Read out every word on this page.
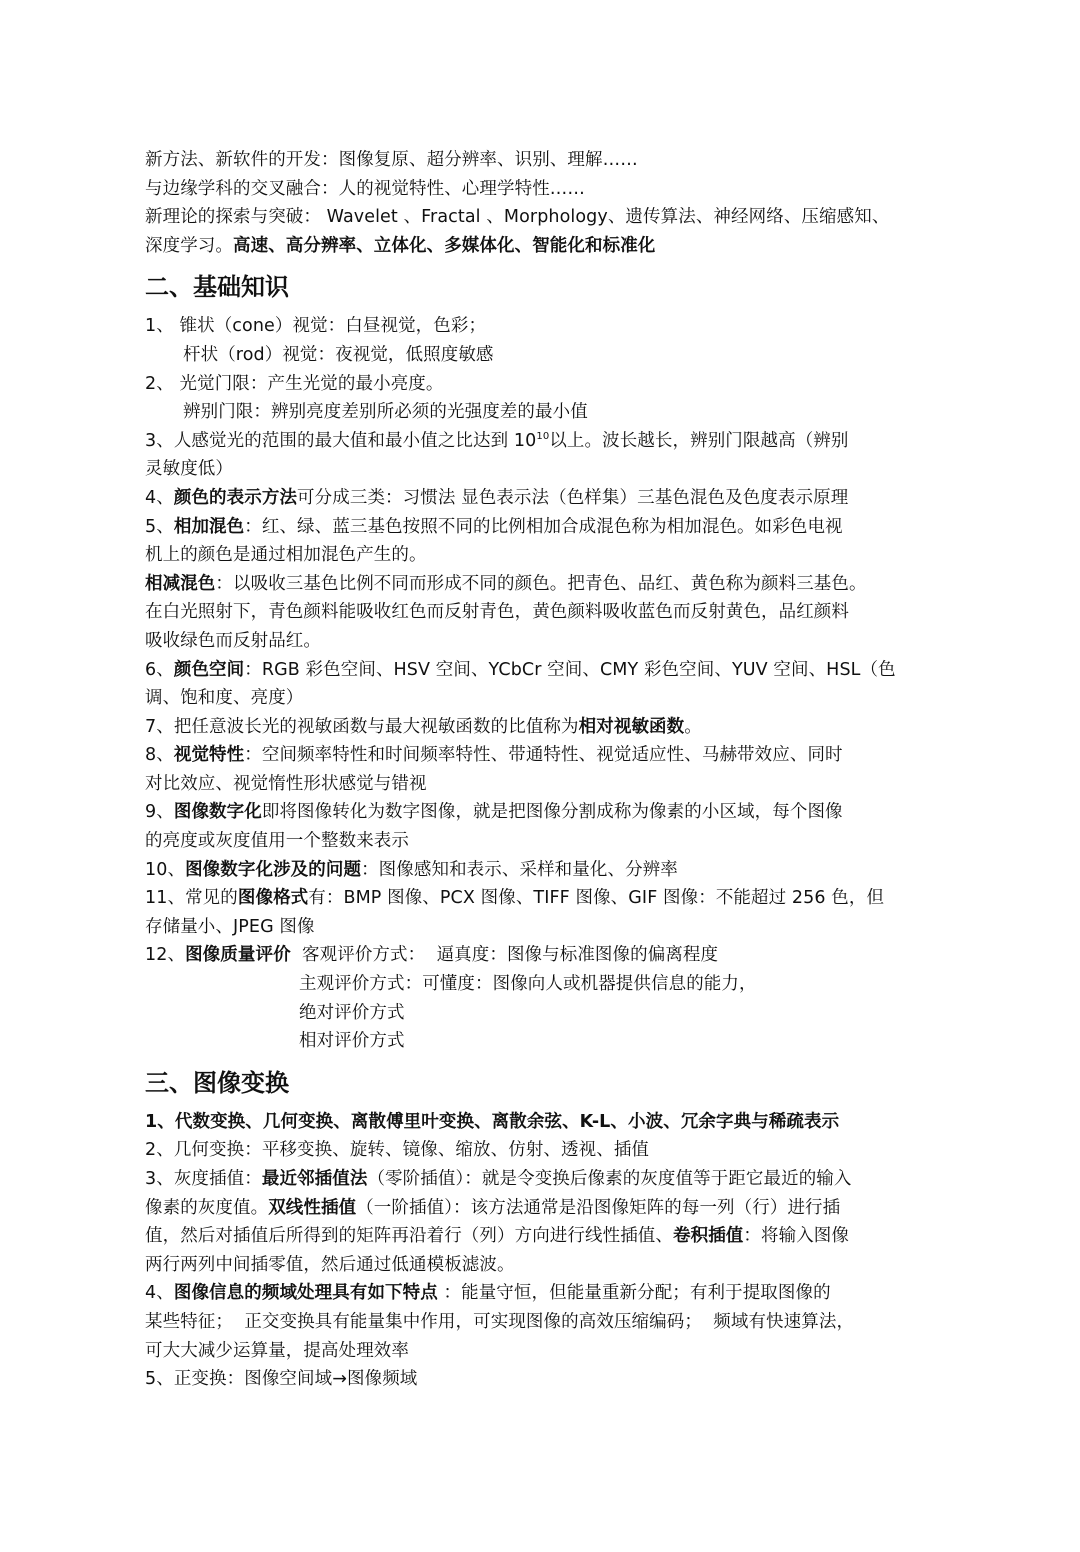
新方法、新软件的开发：图像复原、超分辨率、识别、理解……
与边缘学科的交叉融合：人的视觉特性、心理学特性……
新理论的探索与突破： Wavelet 、Fractal 、Morphology、遗传算法、神经网络、压缩感知、
深度学习。高速、高分辨率、立体化、多媒体化、智能化和标准化
二、基础知识
1、 锥状（cone）视觉：白昼视觉，色彩；
杆状（rod）视觉：夜视觉，低照度敏感
2、 光觉门限：产生光觉的最小亮度。
辨别门限：辨别亮度差别所必须的光强度差的最小值
3、人感觉光的范围的最大值和最小值之比达到 $10^{10}$以上。波长越长，辨别门限越高（辨别
灵敏度低）
4、颜色的表示方法可分成三类：习惯法 显色表示法（色样集）三基色混色及色度表示原理
5、相加混色：红、绿、蓝三基色按照不同的比例相加合成混色称为相加混色。如彩色电视
机上的颜色是通过相加混色产生的。
相减混色：以吸收三基色比例不同而形成不同的颜色。把青色、品红、黄色称为颜料三基色。
在白光照射下，青色颜料能吸收红色而反射青色，黄色颜料吸收蓝色而反射黄色，品红颜料
吸收绿色而反射品红。
6、颜色空间：RGB 彩色空间、HSV 空间、YCbCr 空间、CMY 彩色空间、YUV 空间、HSL（色
调、饱和度、亮度）
7、把任意波长光的视敏函数与最大视敏函数的比值称为相对视敏函数。
8、视觉特性：空间频率特性和时间频率特性、带通特性、视觉适应性、马赫带效应、同时
对比效应、视觉惰性形状感觉与错视
9、图像数字化即将图像转化为数字图像，就是把图像分割成称为像素的小区域，每个图像
的亮度或灰度值用一个整数来表示
10、图像数字化涉及的问题：图像感知和表示、采样和量化、分辨率
11、常见的图像格式有：BMP 图像、PCX 图像、TIFF 图像、GIF 图像：不能超过 256 色，但
存储量小、JPEG 图像
12、图像质量评价  客观评价方式：  逼真度：图像与标准图像的偏离程度
主观评价方式：可懂度：图像向人或机器提供信息的能力，
绝对评价方式
相对评价方式
三、图像变换
1、代数变换、几何变换、离散傅里叶变换、离散余弦、K-L、小波、冗余字典与稀疏表示
2、几何变换：平移变换、旋转、镜像、缩放、仿射、透视、插值
3、灰度插值：最近邻插值法（零阶插值）：就是令变换后像素的灰度值等于距它最近的输入
像素的灰度值。双线性插值（一阶插值）：该方法通常是沿图像矩阵的每一列（行）进行插
值，然后对插值后所得到的矩阵再沿着行（列）方向进行线性插值、卷积插值：将输入图像
两行两列中间插零值，然后通过低通模板滤波。
4、图像信息的频域处理具有如下特点 ：能量守恒，但能量重新分配；有利于提取图像的
某些特征；  正交变换具有能量集中作用，可实现图像的高效压缩编码；  频域有快速算法，
可大大减少运算量，提高处理效率
5、正变换：图像空间域→图像频域
